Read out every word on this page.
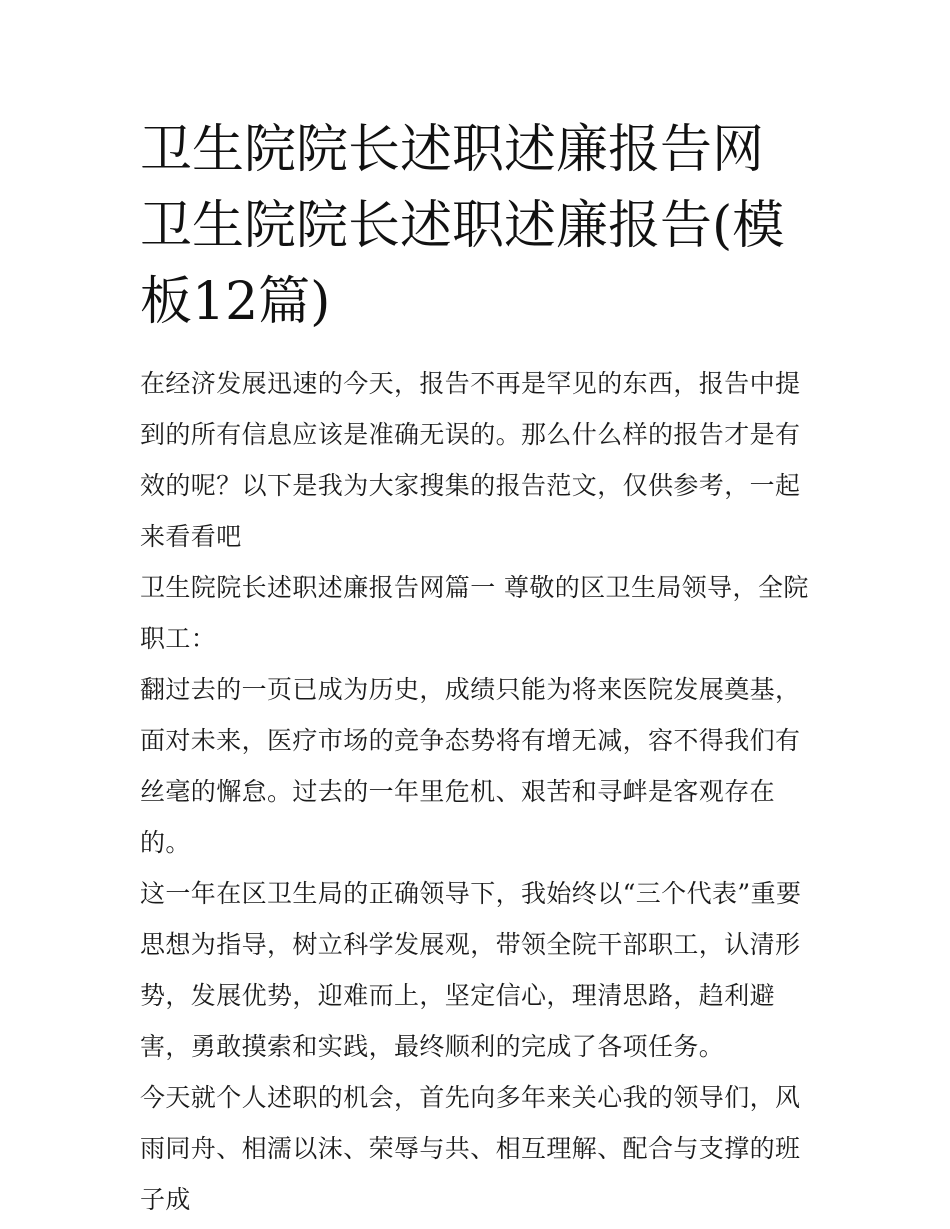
卫生院院长述职述廉报告网 卫生院院长述职述廉报告(模板12篇)

在经济发展迅速的今天，报告不再是罕见的东西，报告中提到的所有信息应该是准确无误的。那么什么样的报告才是有效的呢？以下是我为大家搜集的报告范文，仅供参考，一起来看看吧

卫生院院长述职述廉报告网篇一 尊敬的区卫生局领导，全院职工：

翻过去的一页已成为历史，成绩只能为将来医院发展奠基，面对未来，医疗市场的竞争态势将有增无减，容不得我们有丝毫的懈怠。过去的一年里危机、艰苦和寻衅是客观存在的。

这一年在区卫生局的正确领导下，我始终以“三个代表”重要思想为指导，树立科学发展观，带领全院干部职工，认清形势，发展优势，迎难而上，坚定信心，理清思路，趋利避害，勇敢摸索和实践，最终顺利的完成了各项任务。

今天就个人述职的机会，首先向多年来关心我的领导们，风雨同舟、相濡以沫、荣辱与共、相互理解、配合与支撑的班子成
